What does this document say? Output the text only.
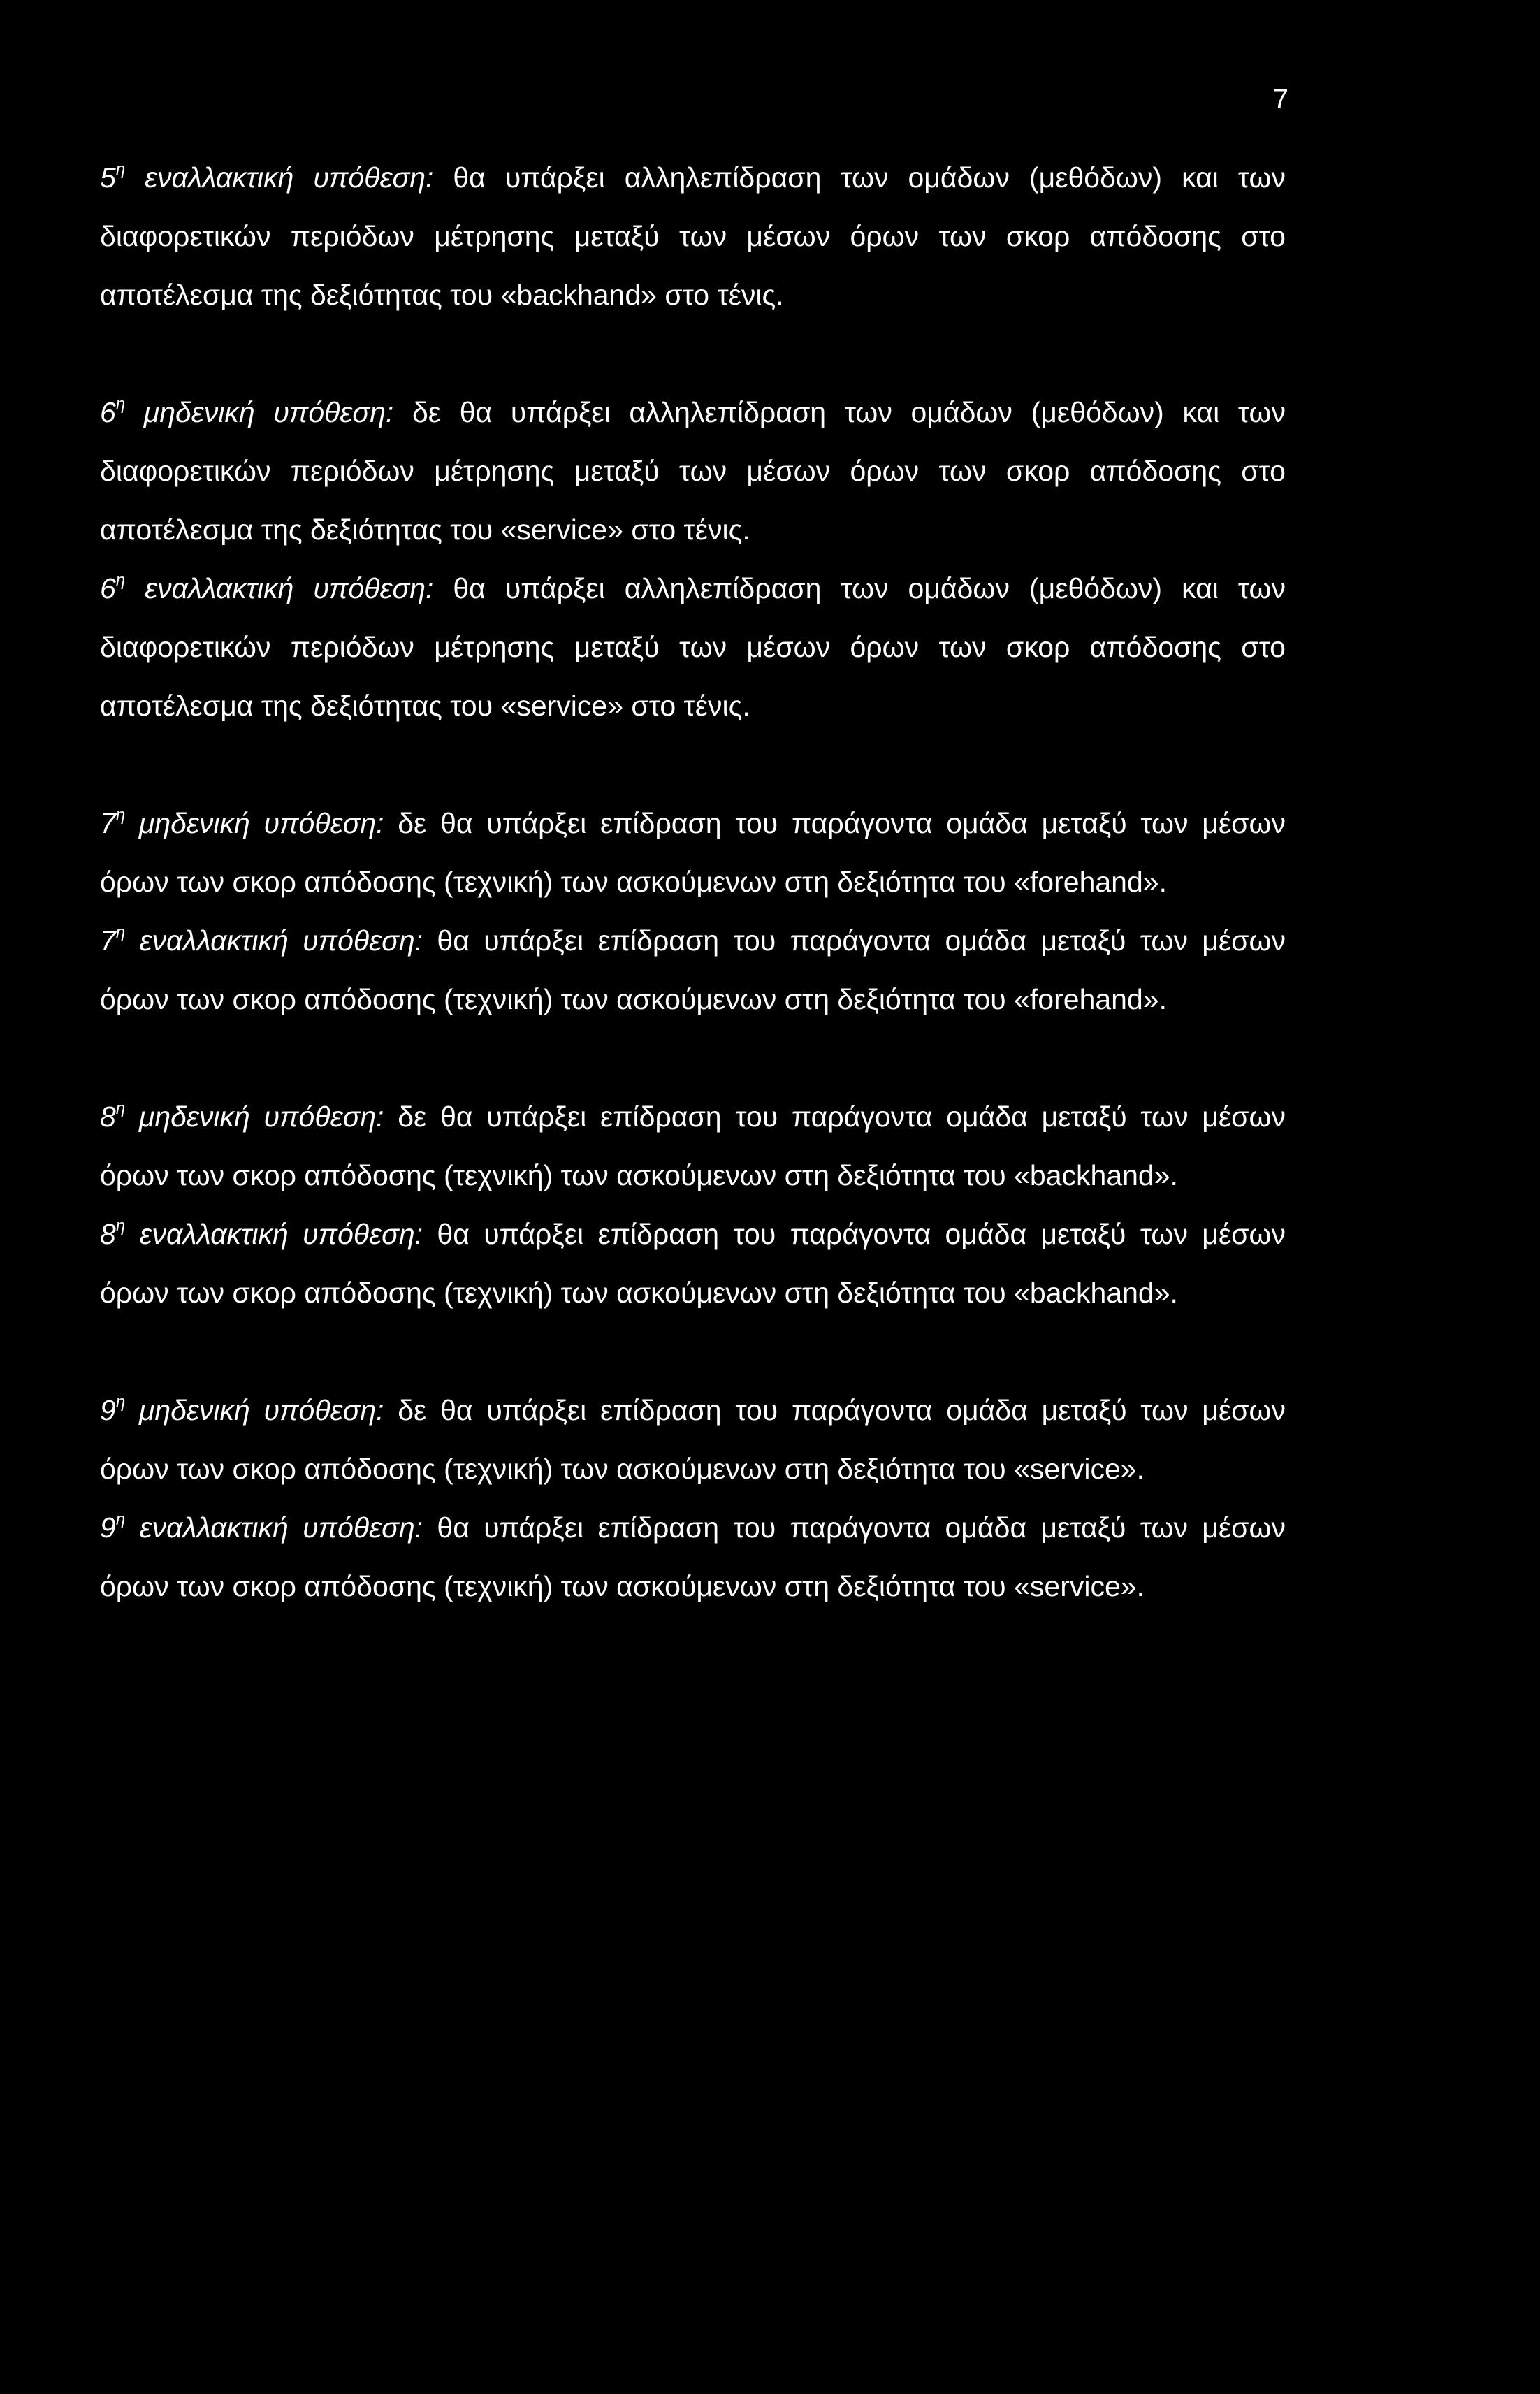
7

$5^\eta$ εναλλακτική υπόθεση: θα υπάρξει αλληλεπίδραση των ομάδων (μεθόδων) και των διαφορετικών περιόδων μέτρησης μεταξύ των μέσων όρων των σκορ απόδοσης στο αποτέλεσμα της δεξιότητας του «backhand» στο τένις.

$6^\eta$ μηδενική υπόθεση: δε θα υπάρξει αλληλεπίδραση των ομάδων (μεθόδων) και των διαφορετικών περιόδων μέτρησης μεταξύ των μέσων όρων των σκορ απόδοσης στο αποτέλεσμα της δεξιότητας του «service» στο τένις.

$6^\eta$ εναλλακτική υπόθεση: θα υπάρξει αλληλεπίδραση των ομάδων (μεθόδων) και των διαφορετικών περιόδων μέτρησης μεταξύ των μέσων όρων των σκορ απόδοσης στο αποτέλεσμα της δεξιότητας του «service» στο τένις.

$7^\eta$ μηδενική υπόθεση: δε θα υπάρξει επίδραση του παράγοντα ομάδα μεταξύ των μέσων όρων των σκορ απόδοσης (τεχνική) των ασκούμενων στη δεξιότητα του «forehand».

$7^\eta$ εναλλακτική υπόθεση: θα υπάρξει επίδραση του παράγοντα ομάδα μεταξύ των μέσων όρων των σκορ απόδοσης (τεχνική) των ασκούμενων στη δεξιότητα του «forehand».

$8^\eta$ μηδενική υπόθεση: δε θα υπάρξει επίδραση του παράγοντα ομάδα μεταξύ των μέσων όρων των σκορ απόδοσης (τεχνική) των ασκούμενων στη δεξιότητα του «backhand».

$8^\eta$ εναλλακτική υπόθεση: θα υπάρξει επίδραση του παράγοντα ομάδα μεταξύ των μέσων όρων των σκορ απόδοσης (τεχνική) των ασκούμενων στη δεξιότητα του «backhand».

$9^\eta$ μηδενική υπόθεση: δε θα υπάρξει επίδραση του παράγοντα ομάδα μεταξύ των μέσων όρων των σκορ απόδοσης (τεχνική) των ασκούμενων στη δεξιότητα του «service».

$9^\eta$ εναλλακτική υπόθεση: θα υπάρξει επίδραση του παράγοντα ομάδα μεταξύ των μέσων όρων των σκορ απόδοσης (τεχνική) των ασκούμενων στη δεξιότητα του «service».
